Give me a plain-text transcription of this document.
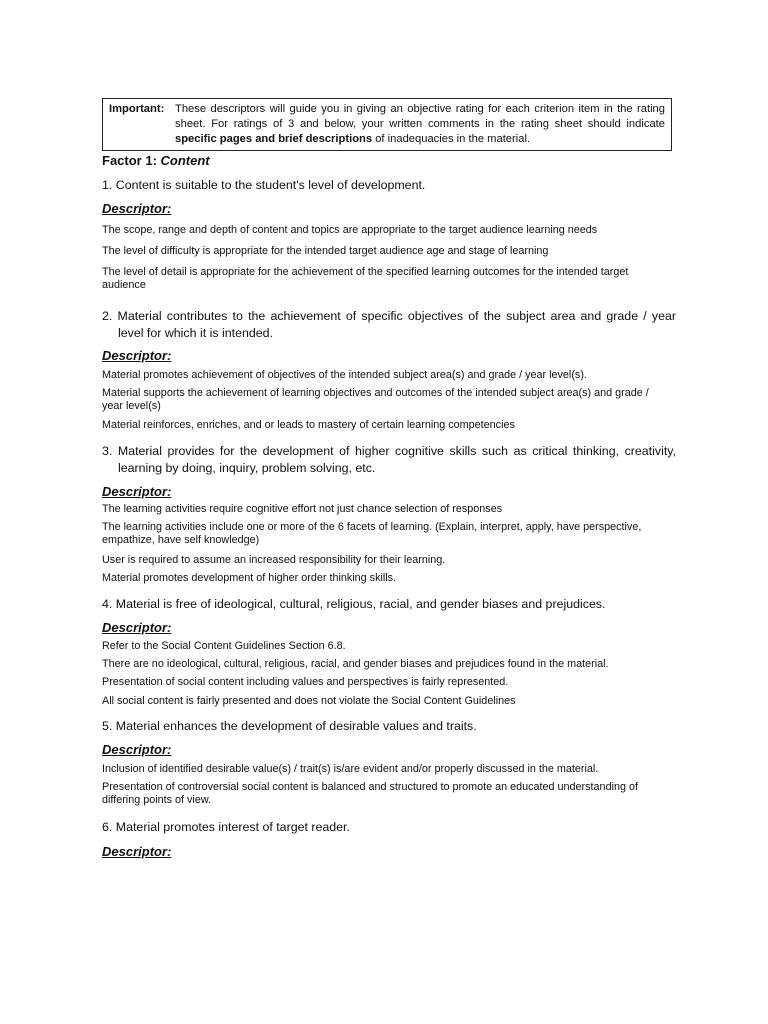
Important: These descriptors will guide you in giving an objective rating for each criterion item in the rating sheet. For ratings of 3 and below, your written comments in the rating sheet should indicate specific pages and brief descriptions of inadequacies in the material.
Factor 1: Content
1. Content is suitable to the student's level of development.
Descriptor:
The scope, range and depth of content and topics are appropriate to the target audience learning needs
The level of difficulty is appropriate for the intended target audience age and stage of learning
The level of detail is appropriate for the achievement of the specified learning outcomes for the intended target audience
2. Material contributes to the achievement of specific objectives of the subject area and grade / year level for which it is intended.
Descriptor:
Material promotes achievement of objectives of the intended subject area(s) and grade / year level(s).
Material supports the achievement of learning objectives and outcomes of the intended subject area(s) and grade / year level(s)
Material reinforces, enriches, and or leads to mastery of certain learning competencies
3. Material provides for the development of higher cognitive skills such as critical thinking, creativity, learning by doing, inquiry, problem solving, etc.
Descriptor:
The learning activities require cognitive effort not just chance selection of responses
The learning activities include one or more of the 6 facets of learning. (Explain, interpret, apply, have perspective, empathize, have self knowledge)
User is required to assume an increased responsibility for their learning.
Material promotes development of higher order thinking skills.
4. Material is free of ideological, cultural, religious, racial, and gender biases and prejudices.
Descriptor:
Refer to the Social Content Guidelines Section 6.8.
There are no ideological, cultural, religious, racial, and gender biases and prejudices found in the material.
Presentation of social content including values and perspectives is fairly represented.
All social content is fairly presented and does not violate the Social Content Guidelines
5. Material enhances the development of desirable values and traits.
Descriptor:
Inclusion of identified desirable value(s) / trait(s) is/are evident and/or properly discussed in the material.
Presentation of controversial social content is balanced and structured to promote an educated understanding of differing points of view.
6. Material promotes interest of target reader.
Descriptor:
